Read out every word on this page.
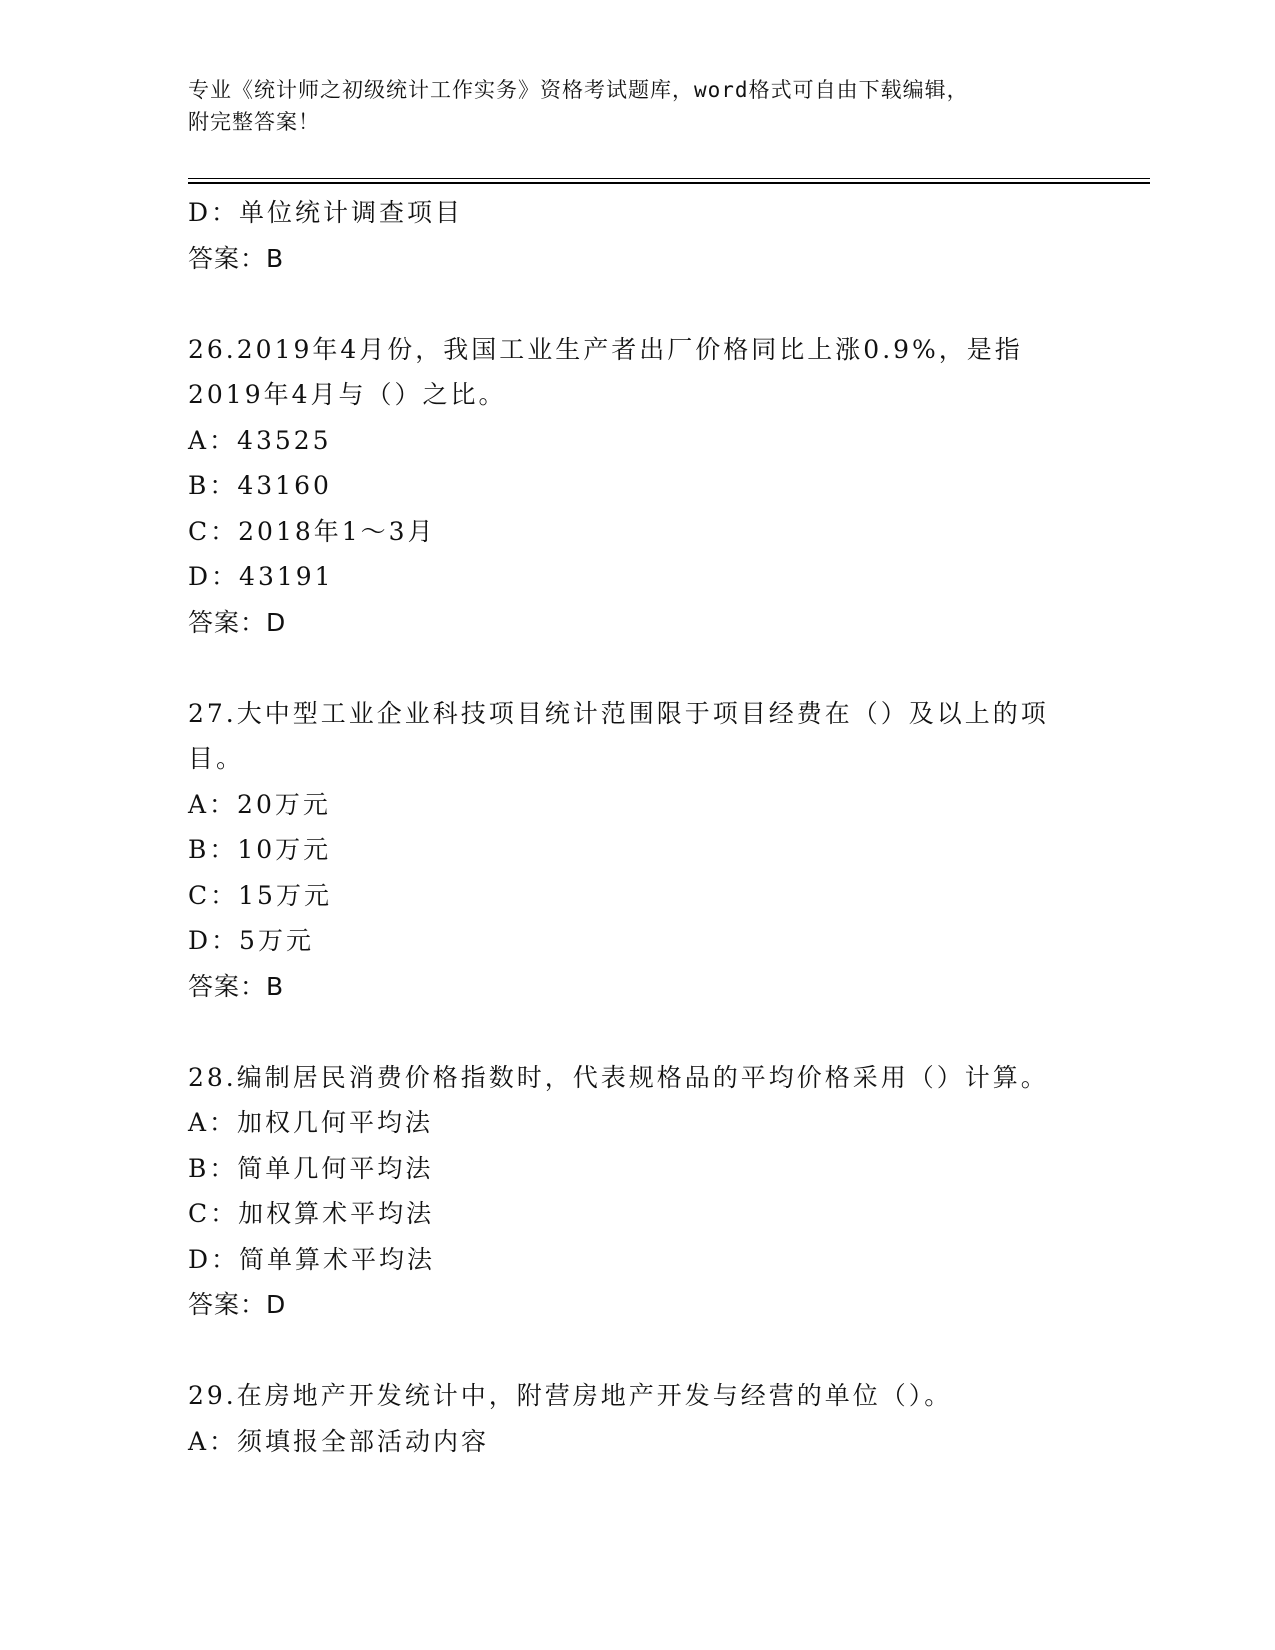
专业《统计师之初级统计工作实务》资格考试题库，word格式可自由下载编辑，
附完整答案！
D：单位统计调查项目
答案：B
26.2019年4月份，我国工业生产者出厂价格同比上涨0.9%，是指
2019年4月与（）之比。
A：43525
B：43160
C：2018年1～3月
D：43191
答案：D
27.大中型工业企业科技项目统计范围限于项目经费在（）及以上的项
目。
A：20万元
B：10万元
C：15万元
D：5万元
答案：B
28.编制居民消费价格指数时，代表规格品的平均价格采用（）计算。
A：加权几何平均法
B：简单几何平均法
C：加权算术平均法
D：简单算术平均法
答案：D
29.在房地产开发统计中，附营房地产开发与经营的单位（）。
A：须填报全部活动内容
